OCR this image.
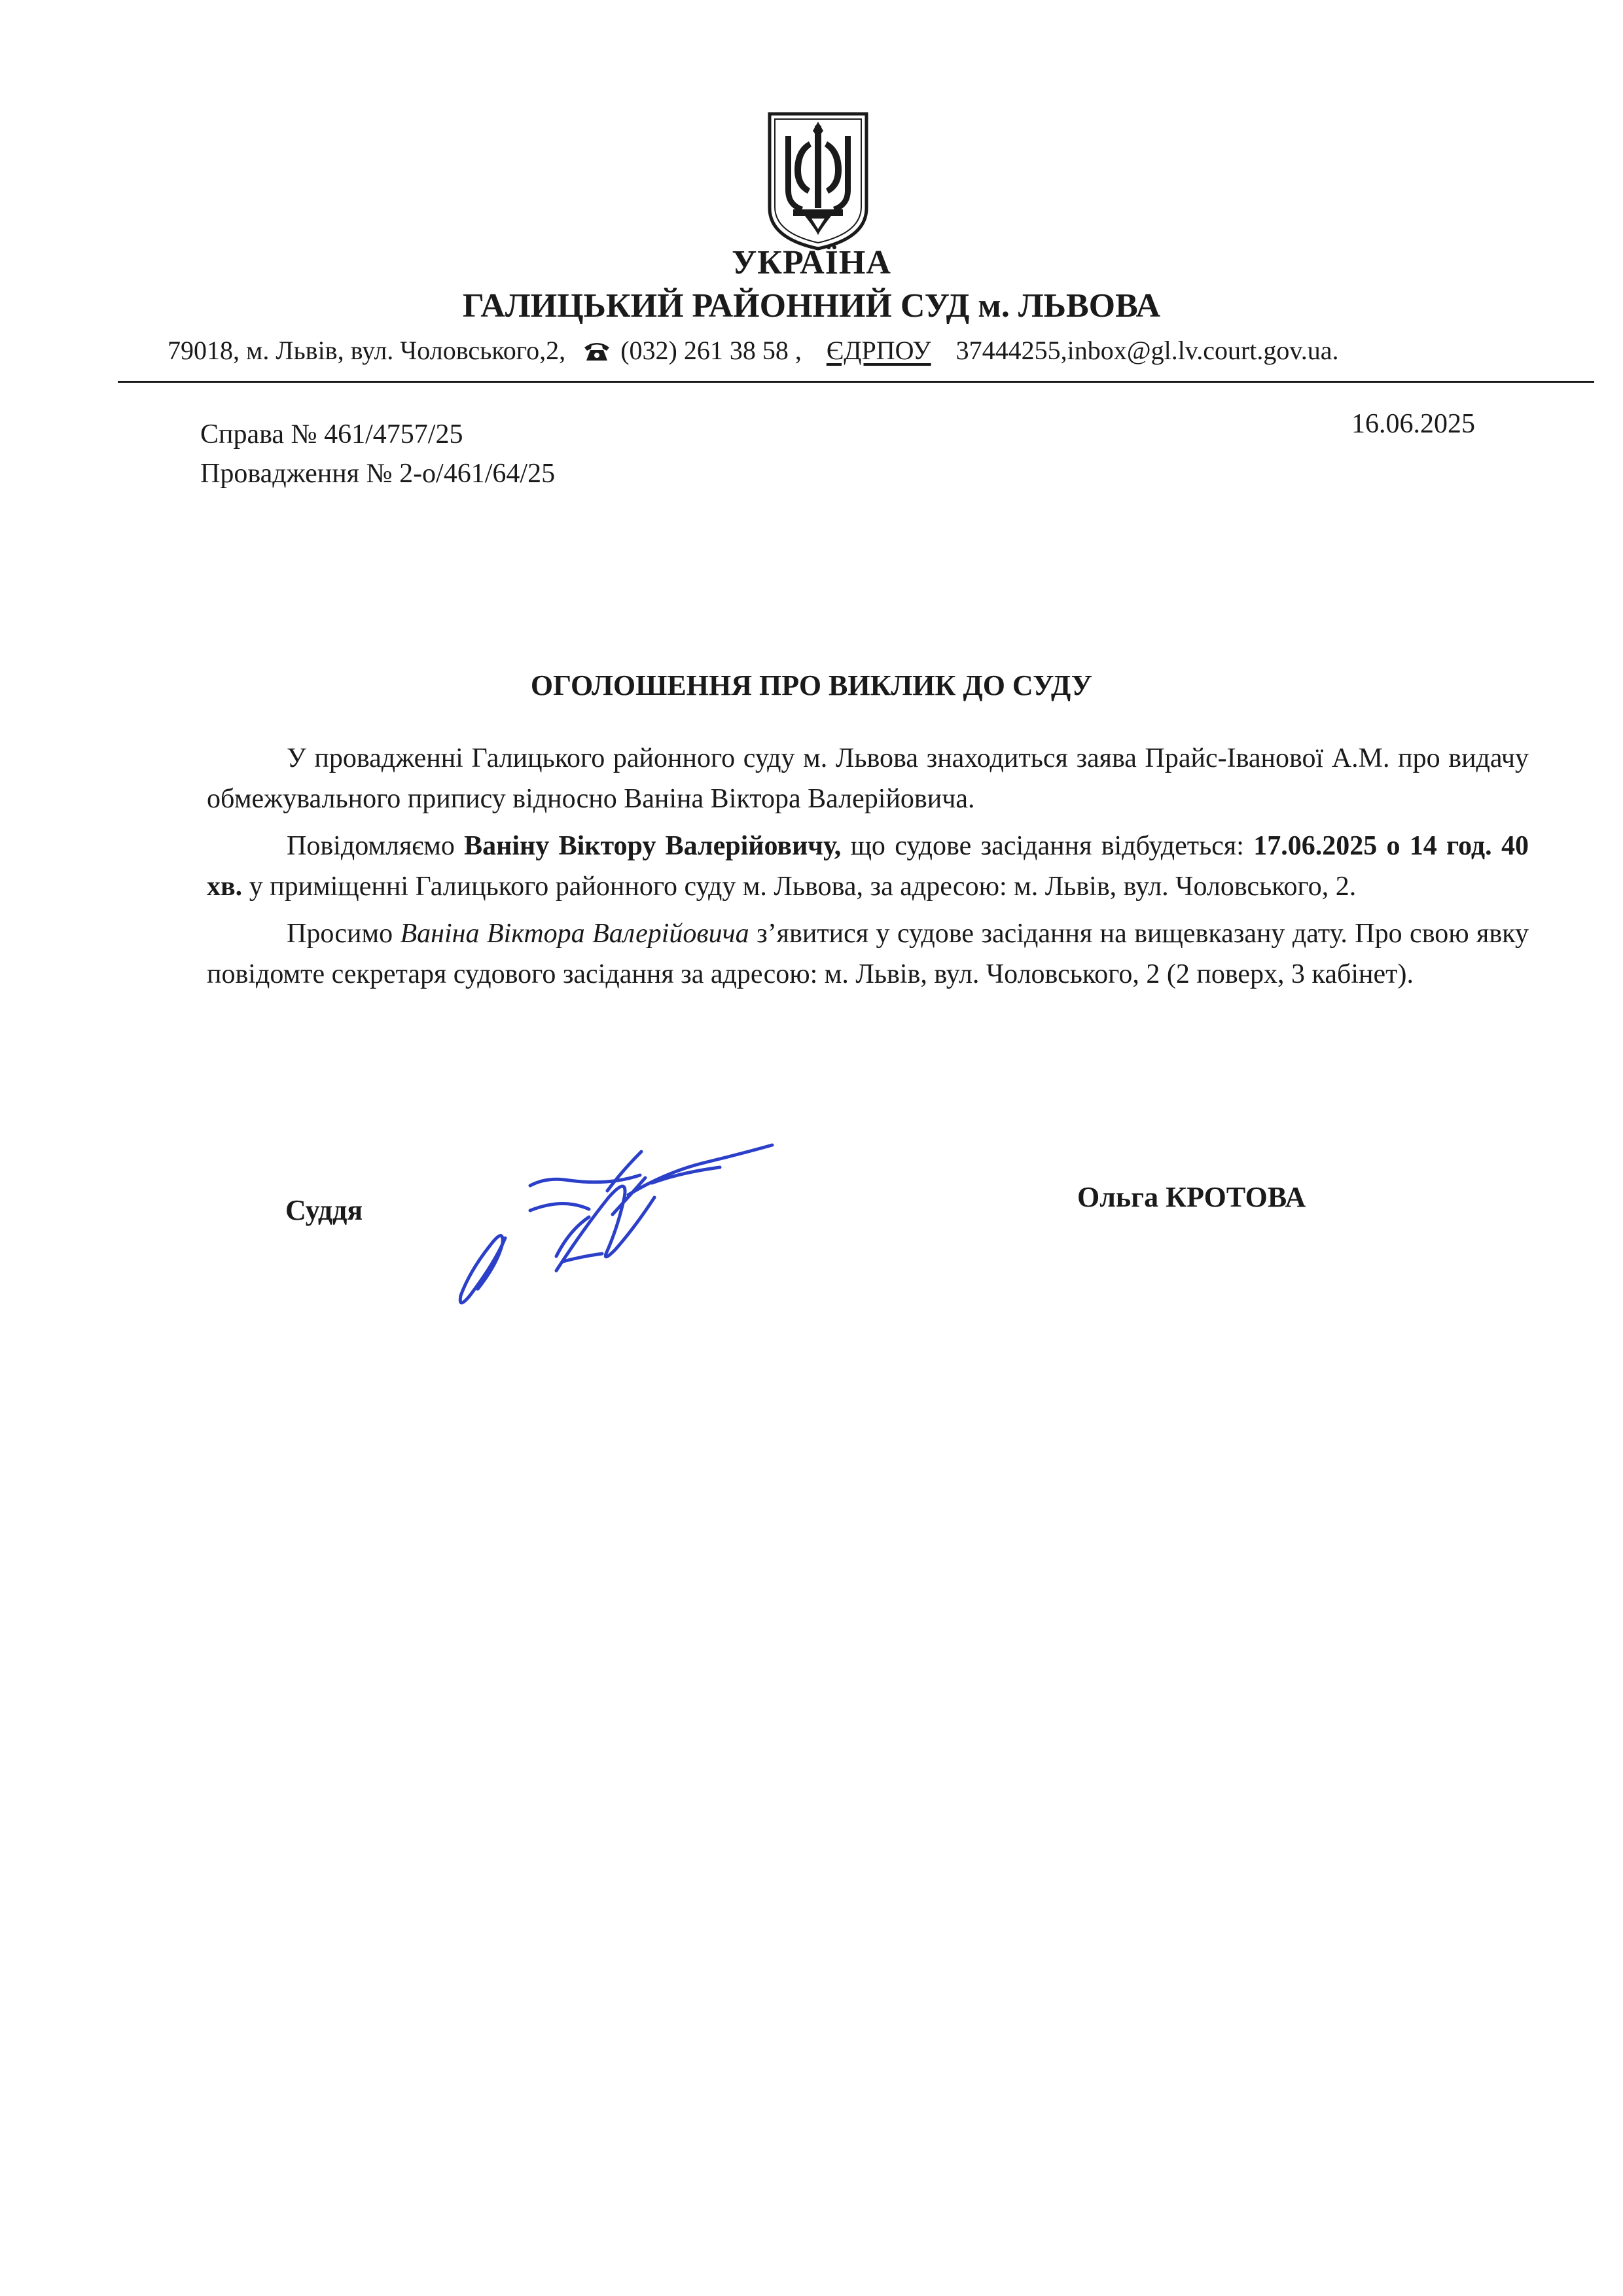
УКРАЇНА
ГАЛИЦЬКИЙ РАЙОННИЙ СУД м. ЛЬВОВА
79018, м. Львів, вул. Чоловського,2, (032) 261 38 58 , ЄДРПОУ 37444255,inbox@gl.lv.court.gov.ua.
Справа № 461/4757/25
Провадження № 2-о/461/64/25
16.06.2025
ОГОЛОШЕННЯ ПРО ВИКЛИК ДО СУДУ

У провадженні Галицького районного суду м. Львова знаходиться заява Прайс-Іванової А.М. про видачу обмежувального припису відносно Ваніна Віктора Валерійовича.

Повідомляємо Ваніну Віктору Валерійовичу, що судове засідання відбудеться: 17.06.2025 о 14 год. 40 хв. у приміщенні Галицького районного суду м. Львова, за адресою: м. Львів, вул. Чоловського, 2.

Просимо Ваніна Віктора Валерійовича з’явитися у судове засідання на вищевказану дату. Про свою явку повідомте секретаря судового засідання за адресою: м. Львів, вул. Чоловського, 2 (2 поверх, 3 кабінет).

Суддя	Ольга КРОТОВА
